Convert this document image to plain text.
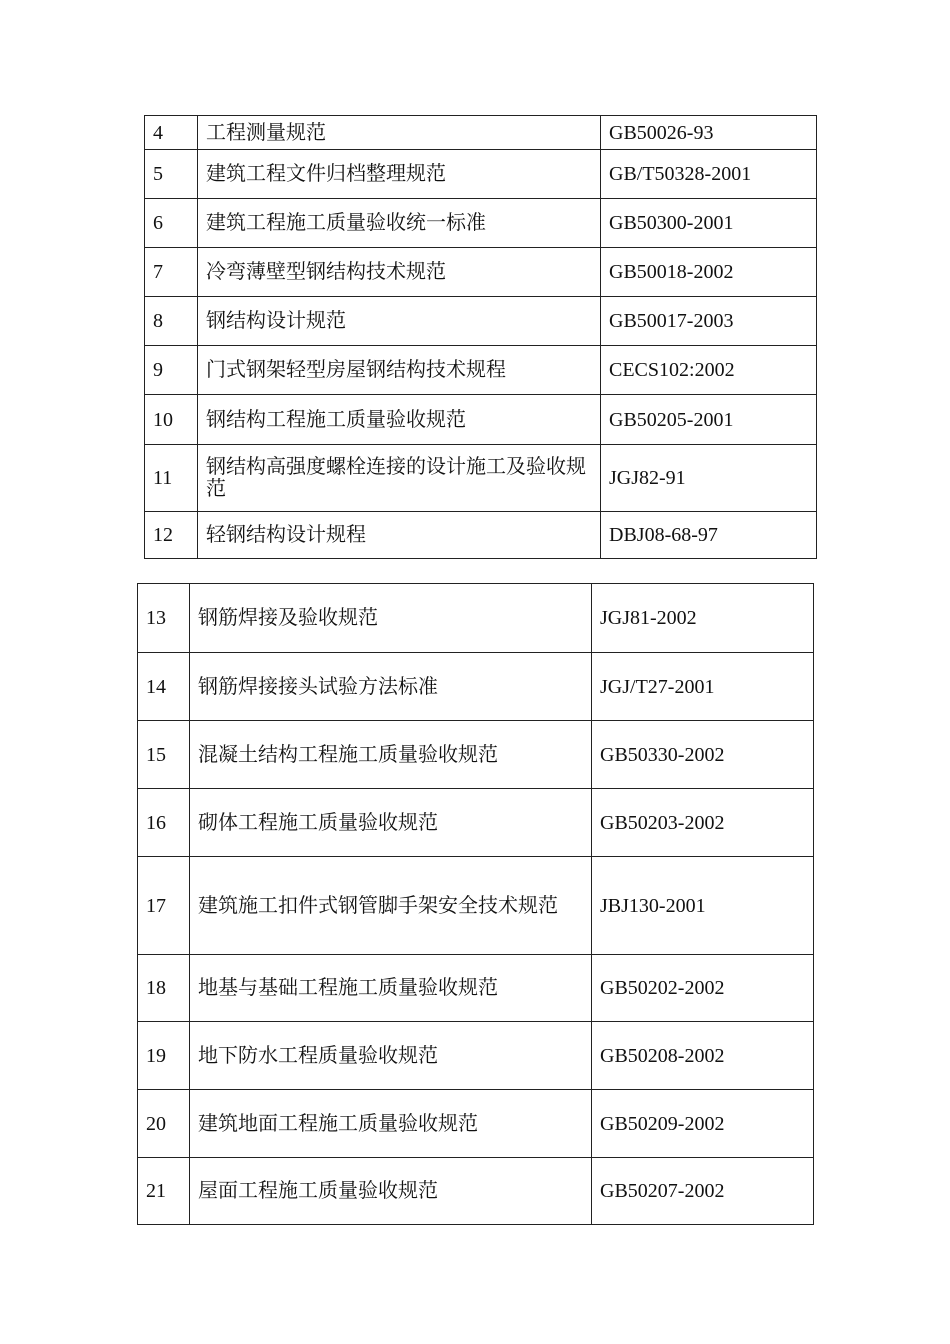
4	工程测量规范	GB50026-93
5	建筑工程文件归档整理规范	GB/T50328-2001
6	建筑工程施工质量验收统一标准	GB50300-2001
7	冷弯薄壁型钢结构技术规范	GB50018-2002
8	钢结构设计规范	GB50017-2003
9	门式钢架轻型房屋钢结构技术规程	CECS102:2002
10	钢结构工程施工质量验收规范	GB50205-2001
11	钢结构高强度螺栓连接的设计施工及验收规范	JGJ82-91
12	轻钢结构设计规程	DBJ08-68-97
13	钢筋焊接及验收规范	JGJ81-2002
14	钢筋焊接接头试验方法标准	JGJ/T27-2001
15	混凝土结构工程施工质量验收规范	GB50330-2002
16	砌体工程施工质量验收规范	GB50203-2002
17	建筑施工扣件式钢管脚手架安全技术规范	JBJ130-2001
18	地基与基础工程施工质量验收规范	GB50202-2002
19	地下防水工程质量验收规范	GB50208-2002
20	建筑地面工程施工质量验收规范	GB50209-2002
21	屋面工程施工质量验收规范	GB50207-2002
